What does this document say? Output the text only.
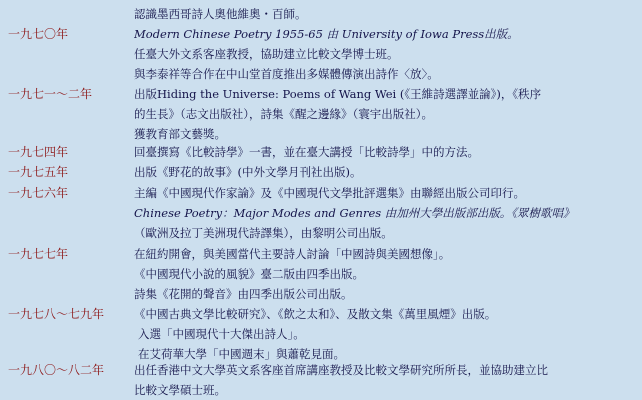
認識墨西哥詩人奧他維奧・百師。
一九七〇年	Modern Chinese Poetry 1955-65 由 University of Iowa Press出版。
任臺大外文系客座教授，協助建立比較文學博士班。
與李泰祥等合作在中山堂首度推出多媒體傳演出詩作〈放〉。
一九七一～二年	出版Hiding the Universe: Poems of Wang Wei (《王維詩選譯並論》)，《秩序
的生長》（志文出版社），詩集《醒之邊緣》（寰宇出版社）。
獲教育部文藝獎。
一九七四年	回臺撰寫《比較詩學》一書，並在臺大講授「比較詩學」中的方法。
一九七五年	出版《野花的故事》(中外文學月刊社出版)。
一九七六年	主編《中國現代作家論》及《中國現代文學批評選集》由聯經出版公司印行。
Chinese Poetry：Major Modes and Genres 由加州大學出版部出版。《眾樹歌唱》
（歐洲及拉丁美洲現代詩譯集），由黎明公司出版。
一九七七年	在紐約開會，與美國當代主要詩人討論「中國詩與美國想像」。
《中國現代小說的風貌》臺二版由四季出版。
詩集《花開的聲音》由四季出版公司出版。
一九七八～七九年	《中國古典文學比較研究》、《飲之太和》、及散文集《萬里風煙》出版。
入選「中國現代十大傑出詩人」。
在艾荷華大學「中國週末」與蕭乾見面。
一九八〇～八二年	出任香港中文大學英文系客座首席講座教授及比較文學研究所所長，並協助建立比
比較文學碩士班。
